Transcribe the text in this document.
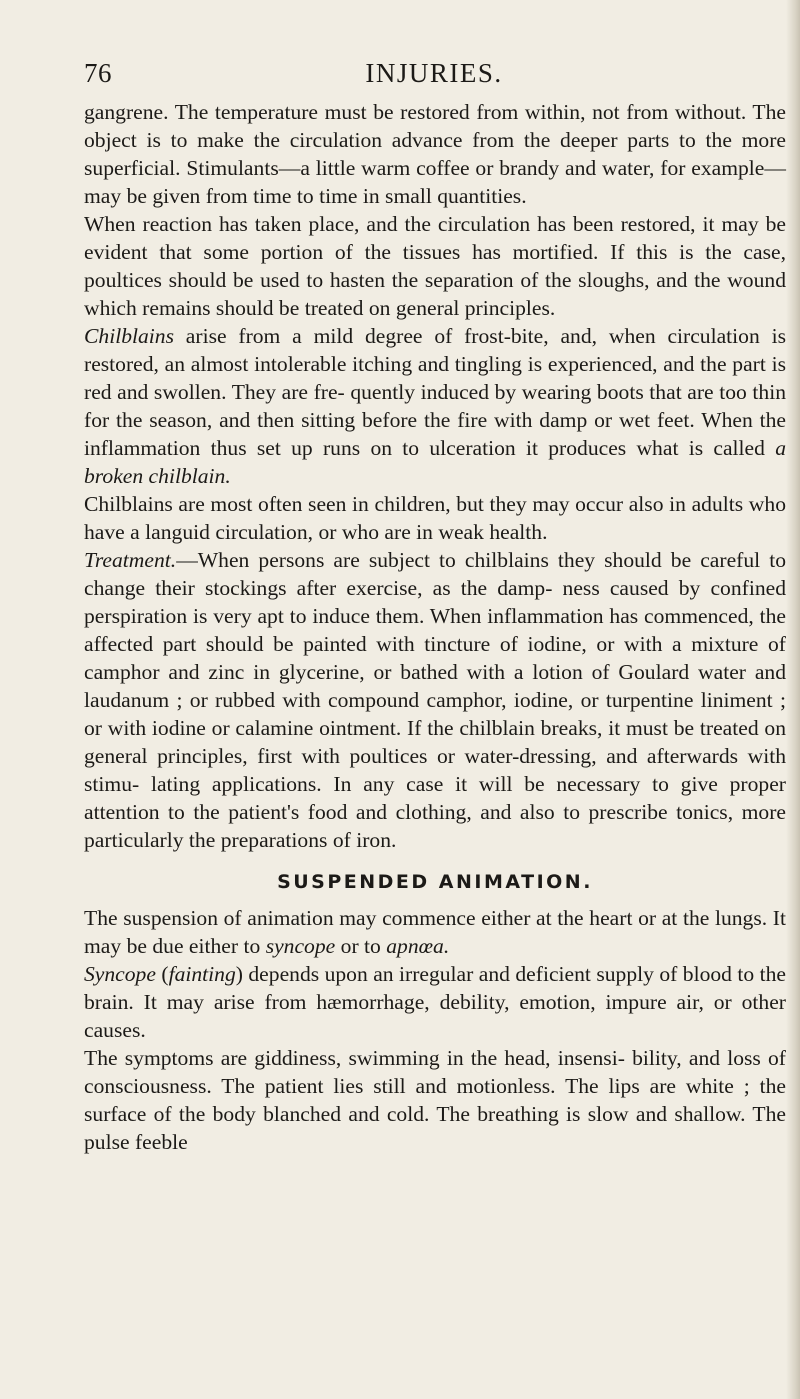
76	INJURIES.

gangrene. The temperature must be restored from within, not from without. The object is to make the circulation advance from the deeper parts to the more superficial. Stimulants—a little warm coffee or brandy and water, for example—may be given from time to time in small quantities.

When reaction has taken place, and the circulation has been restored, it may be evident that some portion of the tissues has mortified. If this is the case, poultices should be used to hasten the separation of the sloughs, and the wound which remains should be treated on general principles.

Chilblains arise from a mild degree of frost-bite, and, when circulation is restored, an almost intolerable itching and tingling is experienced, and the part is red and swollen. They are fre- quently induced by wearing boots that are too thin for the season, and then sitting before the fire with damp or wet feet. When the inflammation thus set up runs on to ulceration it produces what is called a broken chilblain.

Chilblains are most often seen in children, but they may occur also in adults who have a languid circulation, or who are in weak health.

Treatment.—When persons are subject to chilblains they should be careful to change their stockings after exercise, as the damp- ness caused by confined perspiration is very apt to induce them. When inflammation has commenced, the affected part should be painted with tincture of iodine, or with a mixture of camphor and zinc in glycerine, or bathed with a lotion of Goulard water and laudanum ; or rubbed with compound camphor, iodine, or turpentine liniment ; or with iodine or calamine ointment. If the chilblain breaks, it must be treated on general principles, first with poultices or water-dressing, and afterwards with stimu- lating applications. In any case it will be necessary to give proper attention to the patient's food and clothing, and also to prescribe tonics, more particularly the preparations of iron.

SUSPENDED ANIMATION.

The suspension of animation may commence either at the heart or at the lungs. It may be due either to syncope or to apnœa.

Syncope (fainting) depends upon an irregular and deficient supply of blood to the brain. It may arise from hæmorrhage, debility, emotion, impure air, or other causes.

The symptoms are giddiness, swimming in the head, insensi- bility, and loss of consciousness. The patient lies still and motionless. The lips are white ; the surface of the body blanched and cold. The breathing is slow and shallow. The pulse feeble
